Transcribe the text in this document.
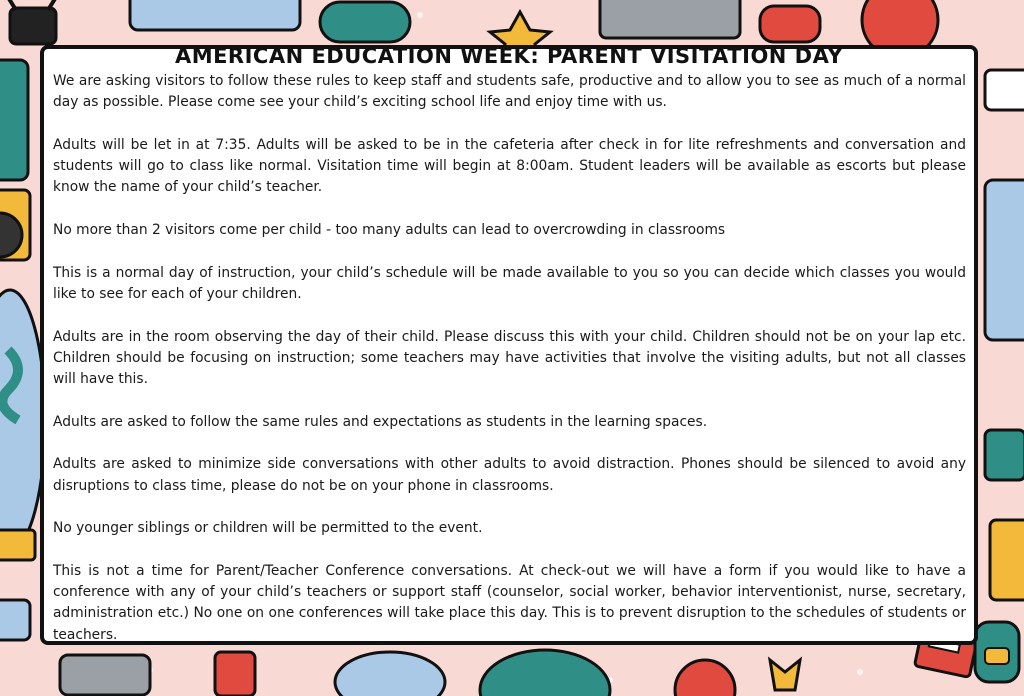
AMERICAN EDUCATION WEEK: PARENT VISITATION DAY

We are asking visitors to follow these rules to keep staff and students safe, productive and to allow you to see as much of a normal day as possible. Please come see your child’s exciting school life and enjoy time with us.

Adults will be let in at 7:35. Adults will be asked to be in the cafeteria after check in for lite refreshments and conversation and students will go to class like normal. Visitation time will begin at 8:00am. Student leaders will be available as escorts but please know the name of your child’s teacher.

No more than 2 visitors come per child - too many adults can lead to overcrowding in classrooms

This is a normal day of instruction, your child’s schedule will be made available to you so you can decide which classes you would like to see for each of your children.

Adults are in the room observing the day of their child. Please discuss this with your child. Children should not be on your lap etc. Children should be focusing on instruction; some teachers may have activities that involve the visiting adults, but not all classes will have this.

Adults are asked to follow the same rules and expectations as students in the learning spaces.

Adults are asked to minimize side conversations with other adults to avoid distraction. Phones should be silenced to avoid any disruptions to class time, please do not be on your phone in classrooms.

No younger siblings or children will be permitted to the event.

This is not a time for Parent/Teacher Conference conversations. At check-out we will have a form if you would like to have a conference with any of your child’s teachers or support staff (counselor, social worker, behavior interventionist, nurse, secretary, administration etc.) No one on one conferences will take place this day. This is to prevent disruption to the schedules of students or teachers.
